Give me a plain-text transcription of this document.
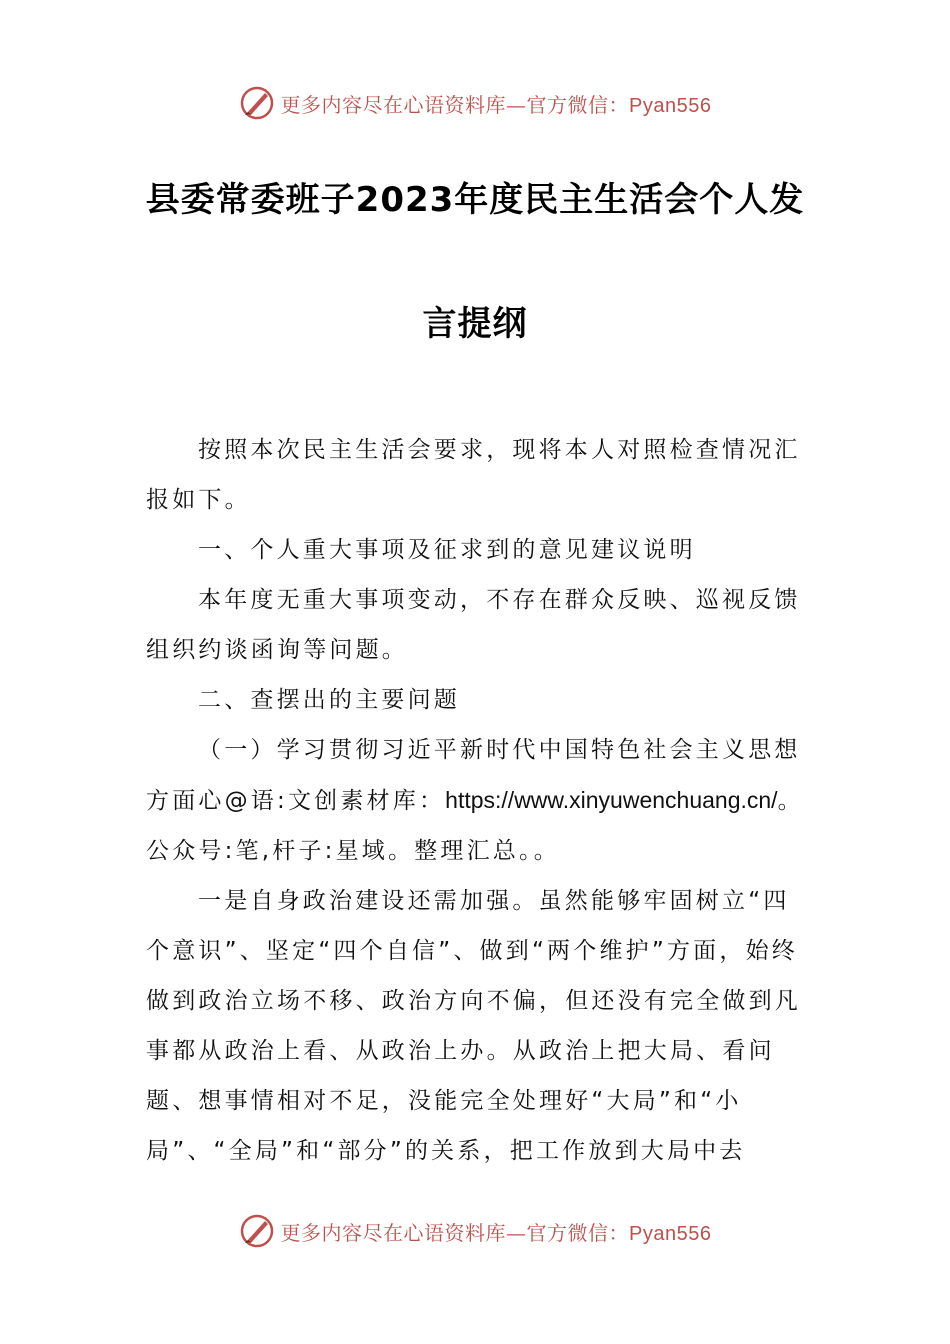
更多内容尽在心语资料库—官方微信：Pyan556
县委常委班子2023年度民主生活会个人发
言提纲

按照本次民主生活会要求，现将本人对照检查情况汇报如下。

一、个人重大事项及征求到的意见建议说明

本年度无重大事项变动，不存在群众反映、巡视反馈组织约谈函询等问题。

二、查摆出的主要问题

（一）学习贯彻习近平新时代中国特色社会主义思想方面心@语:文创素材库：https://www.xinyuwenchuang.cn/。公众号:笔,杆子:星域。整理汇总。。

一是自身政治建设还需加强。虽然能够牢固树立“四个意识”、坚定“四个自信”、做到“两个维护”方面，始终做到政治立场不移、政治方向不偏，但还没有完全做到凡事都从政治上看、从政治上办。从政治上把大局、看问题、想事情相对不足，没能完全处理好“大局”和“小局”、“全局”和“部分”的关系，把工作放到大局中去

更多内容尽在心语资料库—官方微信：Pyan556
